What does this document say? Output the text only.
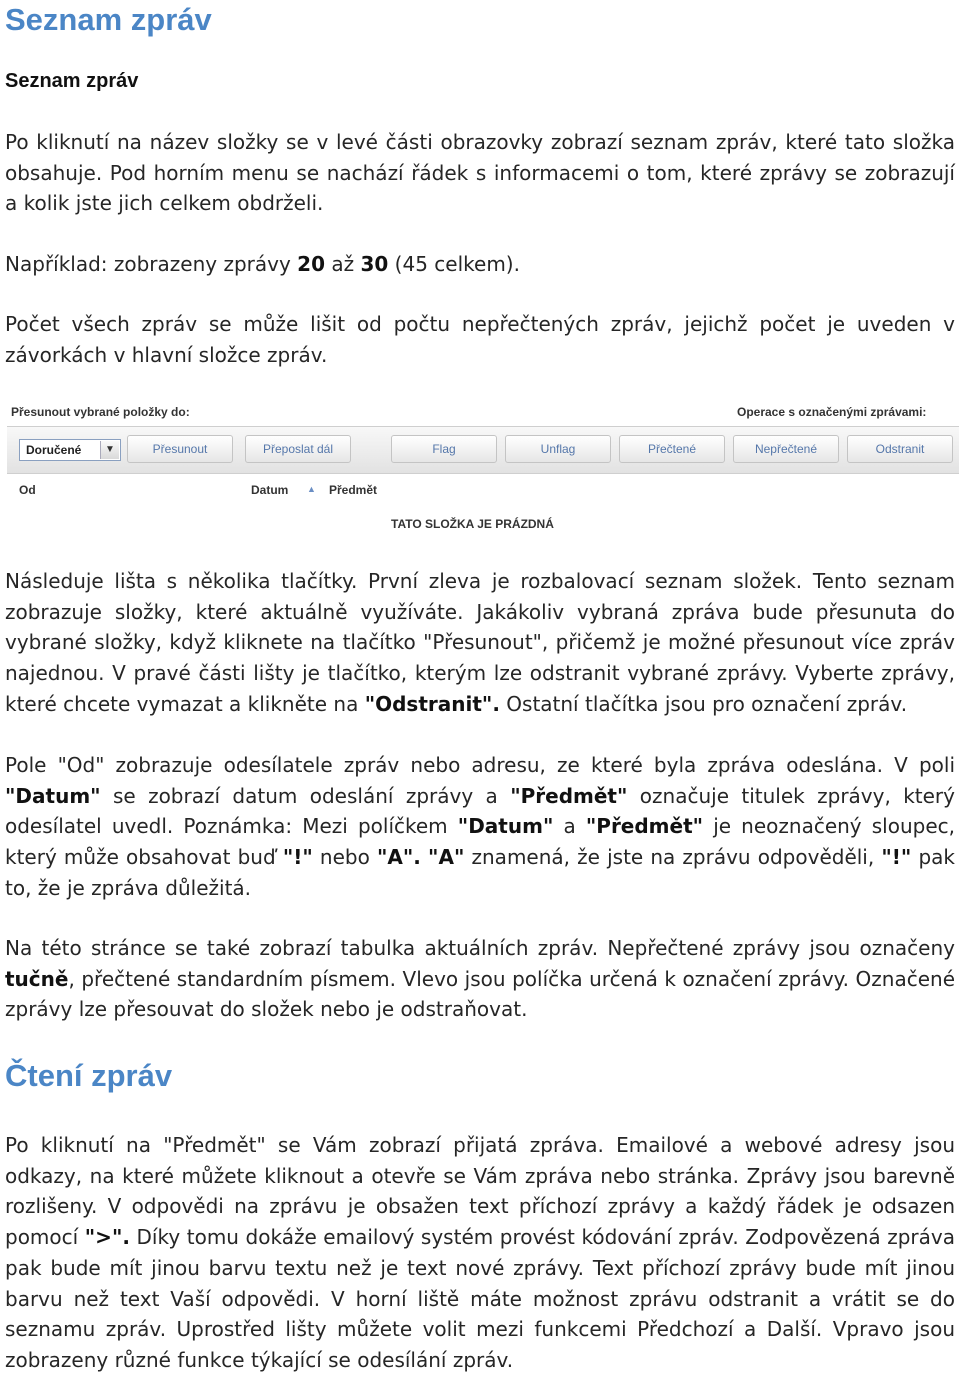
Seznam zpráv
Seznam zpráv

Po kliknutí na název složky se v levé části obrazovky zobrazí seznam zpráv, které tato složka obsahuje. Pod horním menu se nachází řádek s informacemi o tom, které zprávy se zobrazují a kolik jste jich celkem obdrželi.

Například: zobrazeny zprávy 20 až 30 (45 celkem).

Počet všech zpráv se může lišit od počtu nepřečtených zpráv, jejichž počet je uveden v závorkách v hlavní složce zpráv.

Přesunout vybrané položky do:	Operace s označenými zprávami:
Doručené	▼	Přesunout	Přeposlat dál	Flag	Unflag	Přečtené	Nepřečtené	Odstranit
Od	Datum ▲ Předmět
TATO SLOŽKA JE PRÁZDNÁ

Následuje lišta s několika tlačítky. První zleva je rozbalovací seznam složek. Tento seznam zobrazuje složky, které aktuálně využíváte. Jakákoliv vybraná zpráva bude přesunuta do vybrané složky, když kliknete na tlačítko "Přesunout", přičemž je možné přesunout více zpráv najednou. V pravé části lišty je tlačítko, kterým lze odstranit vybrané zprávy. Vyberte zprávy, které chcete vymazat a klikněte na "Odstranit". Ostatní tlačítka jsou pro označení zpráv.

Pole "Od" zobrazuje odesílatele zpráv nebo adresu, ze které byla zpráva odeslána. V poli "Datum" se zobrazí datum odeslání zprávy a "Předmět" označuje titulek zprávy, který odesílatel uvedl. Poznámka: Mezi políčkem "Datum" a "Předmět" je neoznačený sloupec, který může obsahovat buď "!" nebo "A". "A" znamená, že jste na zprávu odpověděli, "!" pak to, že je zpráva důležitá.

Na této stránce se také zobrazí tabulka aktuálních zpráv. Nepřečtené zprávy jsou označeny tučně, přečtené standardním písmem. Vlevo jsou políčka určená k označení zprávy. Označené zprávy lze přesouvat do složek nebo je odstraňovat.

Čtení zpráv

Po kliknutí na "Předmět" se Vám zobrazí přijatá zpráva. Emailové a webové adresy jsou odkazy, na které můžete kliknout a otevře se Vám zpráva nebo stránka. Zprávy jsou barevně rozlišeny. V odpovědi na zprávu je obsažen text příchozí zprávy a každý řádek je odsazen pomocí ">". Díky tomu dokáže emailový systém provést kódování zpráv. Zodpovězená zpráva pak bude mít jinou barvu textu než je text nové zprávy. Text příchozí zprávy bude mít jinou barvu než text Vaší odpovědi. V horní liště máte možnost zprávu odstranit a vrátit se do seznamu zpráv. Uprostřed lišty můžete volit mezi funkcemi Předchozí a Další. Vpravo jsou zobrazeny různé funkce týkající se odesílání zpráv.
